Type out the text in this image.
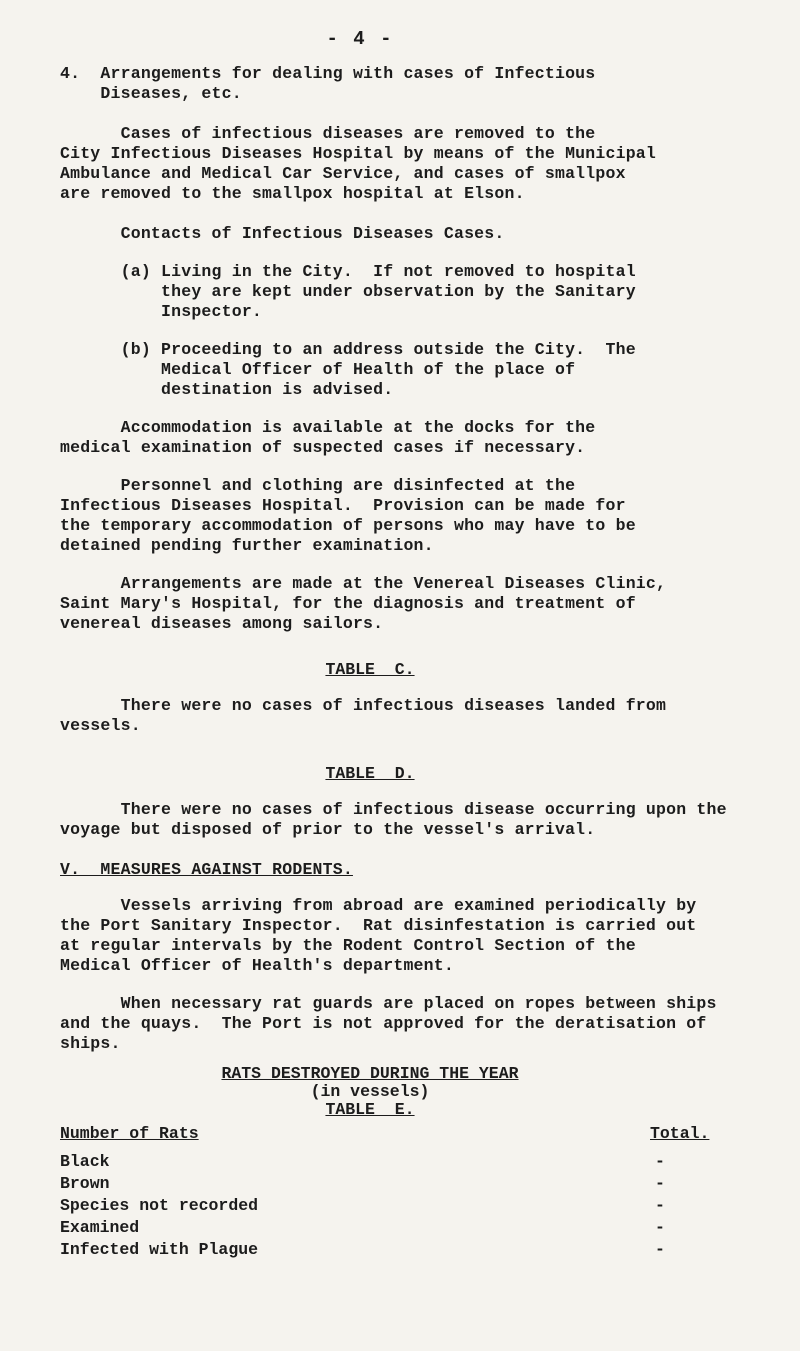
- 4 -
4.  Arrangements for dealing with cases of Infectious
Diseases, etc.
Cases of infectious diseases are removed to the
City Infectious Diseases Hospital by means of the Municipal
Ambulance and Medical Car Service, and cases of smallpox
are removed to the smallpox hospital at Elson.
Contacts of Infectious Diseases Cases.
(a) Living in the City.  If not removed to hospital
they are kept under observation by the Sanitary
Inspector.
(b) Proceeding to an address outside the City.  The
Medical Officer of Health of the place of
destination is advised.
Accommodation is available at the docks for the
medical examination of suspected cases if necessary.
Personnel and clothing are disinfected at the
Infectious Diseases Hospital.  Provision can be made for
the temporary accommodation of persons who may have to be
detained pending further examination.
Arrangements are made at the Venereal Diseases Clinic,
Saint Mary's Hospital, for the diagnosis and treatment of
venereal diseases among sailors.
TABLE  C.
There were no cases of infectious diseases landed from
vessels.
TABLE  D.
There were no cases of infectious disease occurring upon the
voyage but disposed of prior to the vessel's arrival.
V.  MEASURES AGAINST RODENTS.
Vessels arriving from abroad are examined periodically by
the Port Sanitary Inspector.  Rat disinfestation is carried out
at regular intervals by the Rodent Control Section of the
Medical Officer of Health's department.
When necessary rat guards are placed on ropes between ships
and the quays.  The Port is not approved for the deratisation of
ships.
RATS DESTROYED DURING THE YEAR
(in vessels)
TABLE  E.
Number of Rats	Total.
Black	-
Brown	-
Species not recorded	-
Examined	-
Infected with Plague	-
